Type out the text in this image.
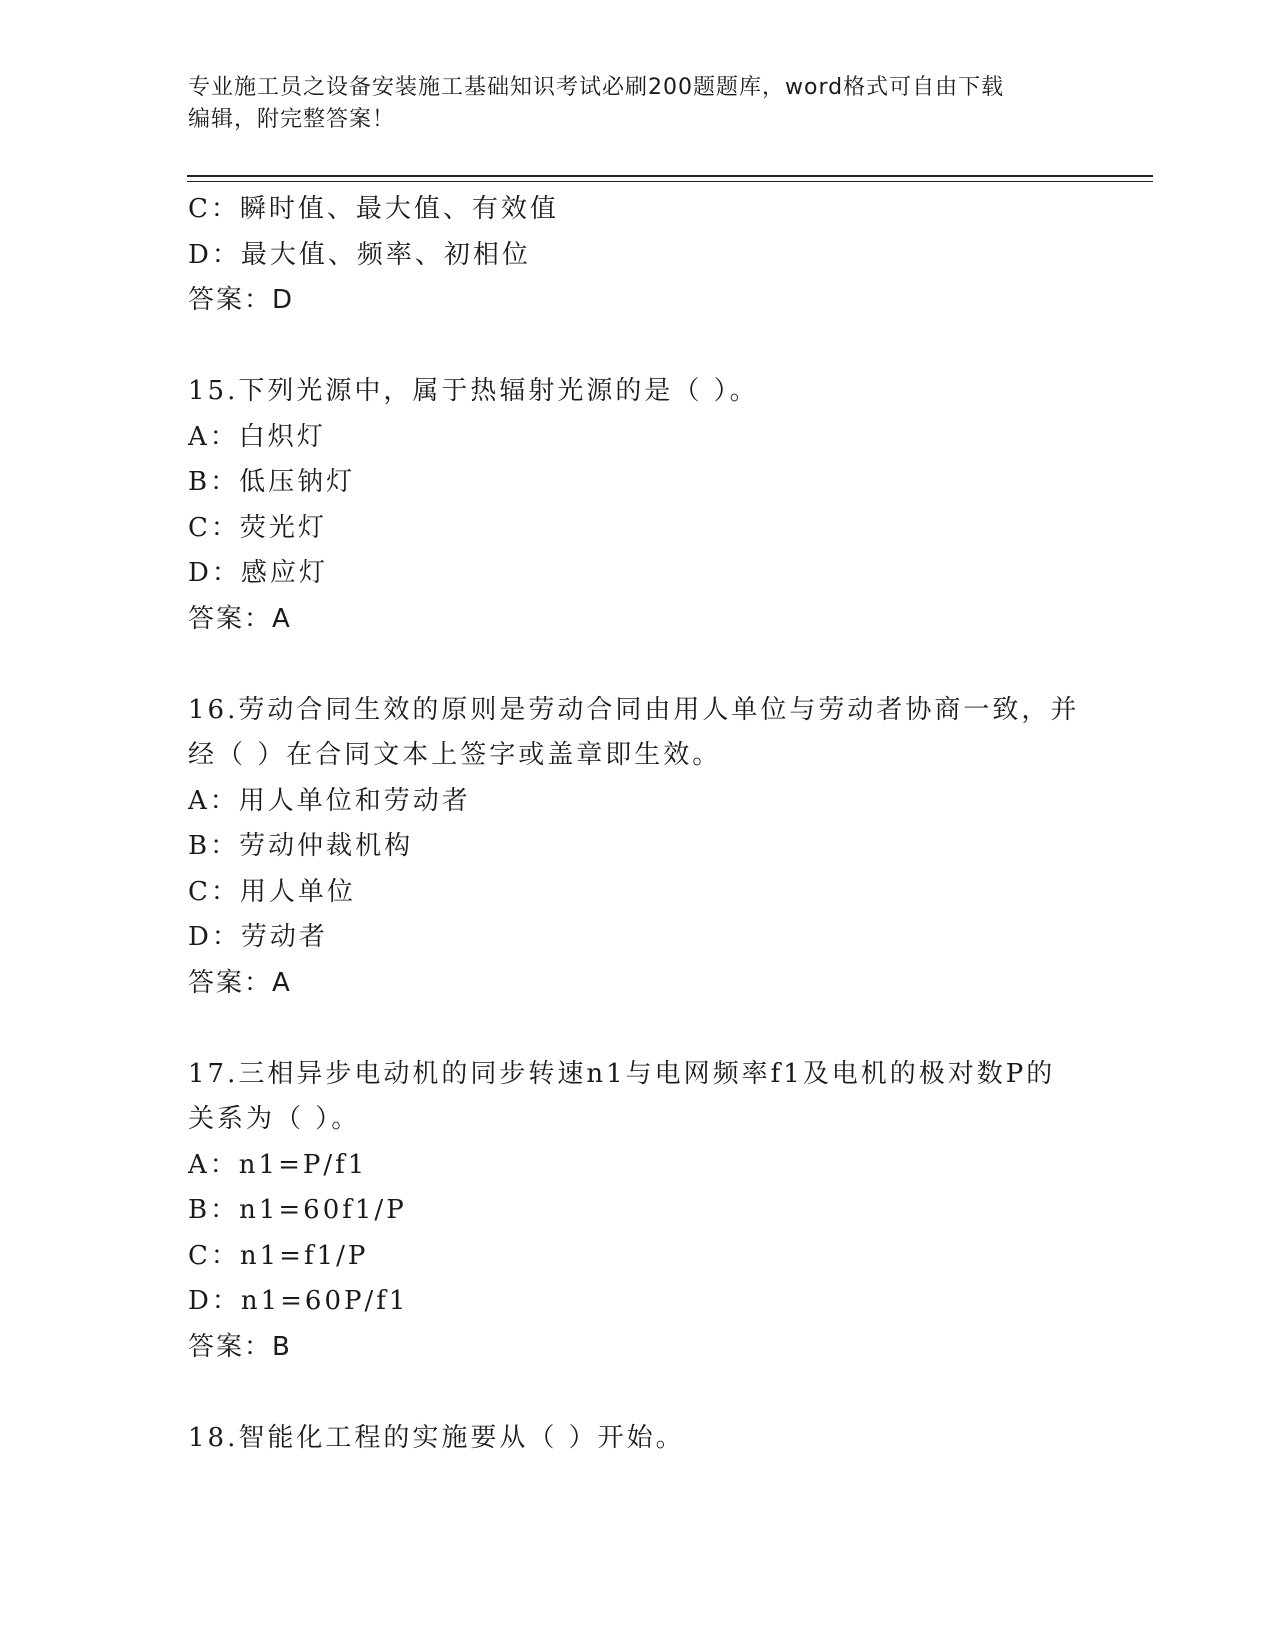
专业施工员之设备安装施工基础知识考试必刷200题题库，word格式可自由下载
编辑，附完整答案！
C：瞬时值、最大值、有效值
D：最大值、频率、初相位
答案：D
15.下列光源中，属于热辐射光源的是（ ）。
A：白炽灯
B：低压钠灯
C：荧光灯
D：感应灯
答案：A
16.劳动合同生效的原则是劳动合同由用人单位与劳动者协商一致，并
经（ ）在合同文本上签字或盖章即生效。
A：用人单位和劳动者
B：劳动仲裁机构
C：用人单位
D：劳动者
答案：A
17.三相异步电动机的同步转速n1与电网频率f1及电机的极对数P的
关系为（ ）。
A：n1=P/f1
B：n1=60f1/P
C：n1=f1/P
D：n1=60P/f1
答案：B
18.智能化工程的实施要从（ ）开始。
